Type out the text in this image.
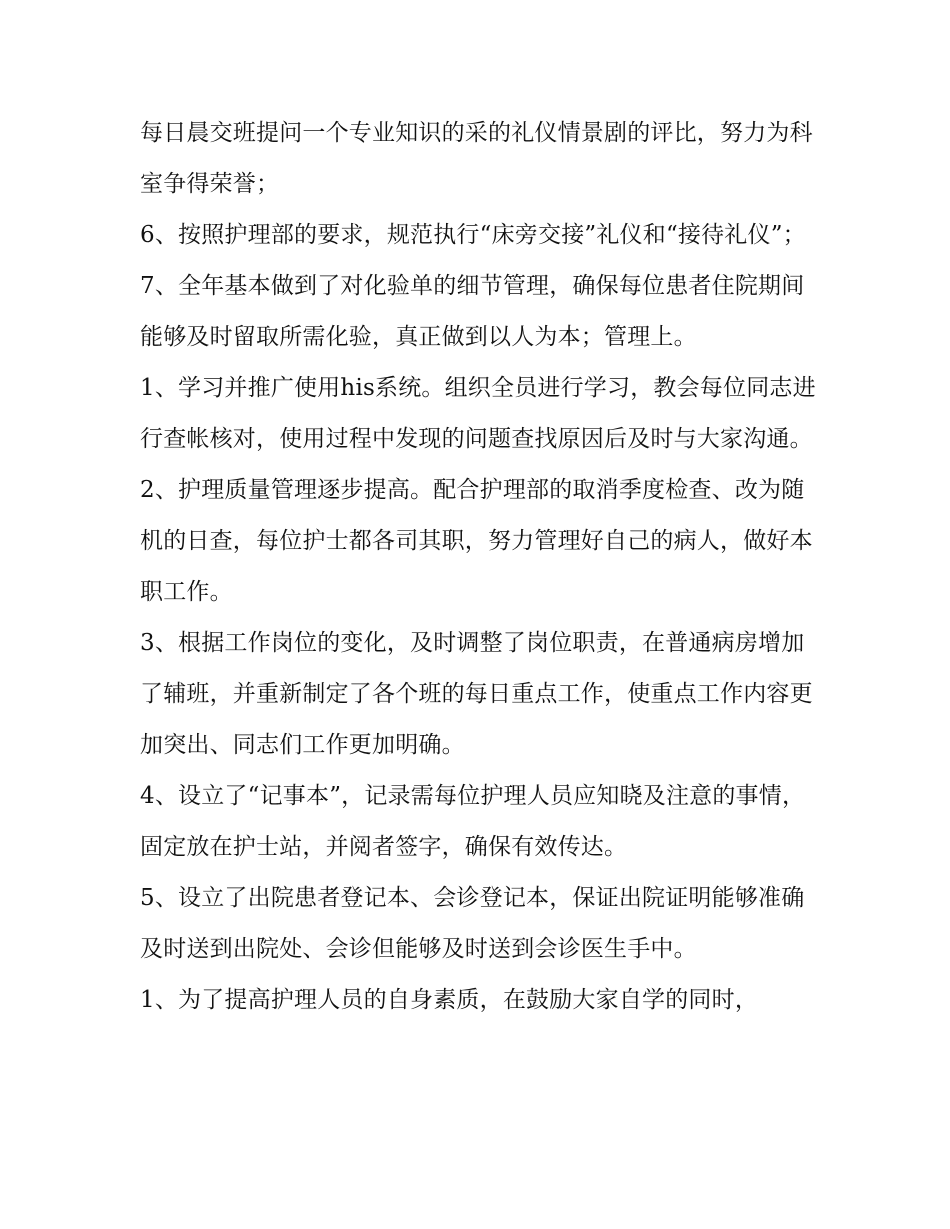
每日晨交班提问一个专业知识的采的礼仪情景剧的评比，努力为科室争得荣誉；

6、按照护理部的要求，规范执行“床旁交接”礼仪和“接待礼仪”；

7、全年基本做到了对化验单的细节管理，确保每位患者住院期间能够及时留取所需化验，真正做到以人为本；管理上。

1、学习并推广使用his系统。组织全员进行学习，教会每位同志进行查帐核对，使用过程中发现的问题查找原因后及时与大家沟通。

2、护理质量管理逐步提高。配合护理部的取消季度检查、改为随机的日查，每位护士都各司其职，努力管理好自己的病人，做好本职工作。

3、根据工作岗位的变化，及时调整了岗位职责，在普通病房增加了辅班，并重新制定了各个班的每日重点工作，使重点工作内容更加突出、同志们工作更加明确。

4、设立了“记事本”，记录需每位护理人员应知晓及注意的事情，固定放在护士站，并阅者签字，确保有效传达。

5、设立了出院患者登记本、会诊登记本，保证出院证明能够准确及时送到出院处、会诊但能够及时送到会诊医生手中。

1、为了提高护理人员的自身素质，在鼓励大家自学的同时，
